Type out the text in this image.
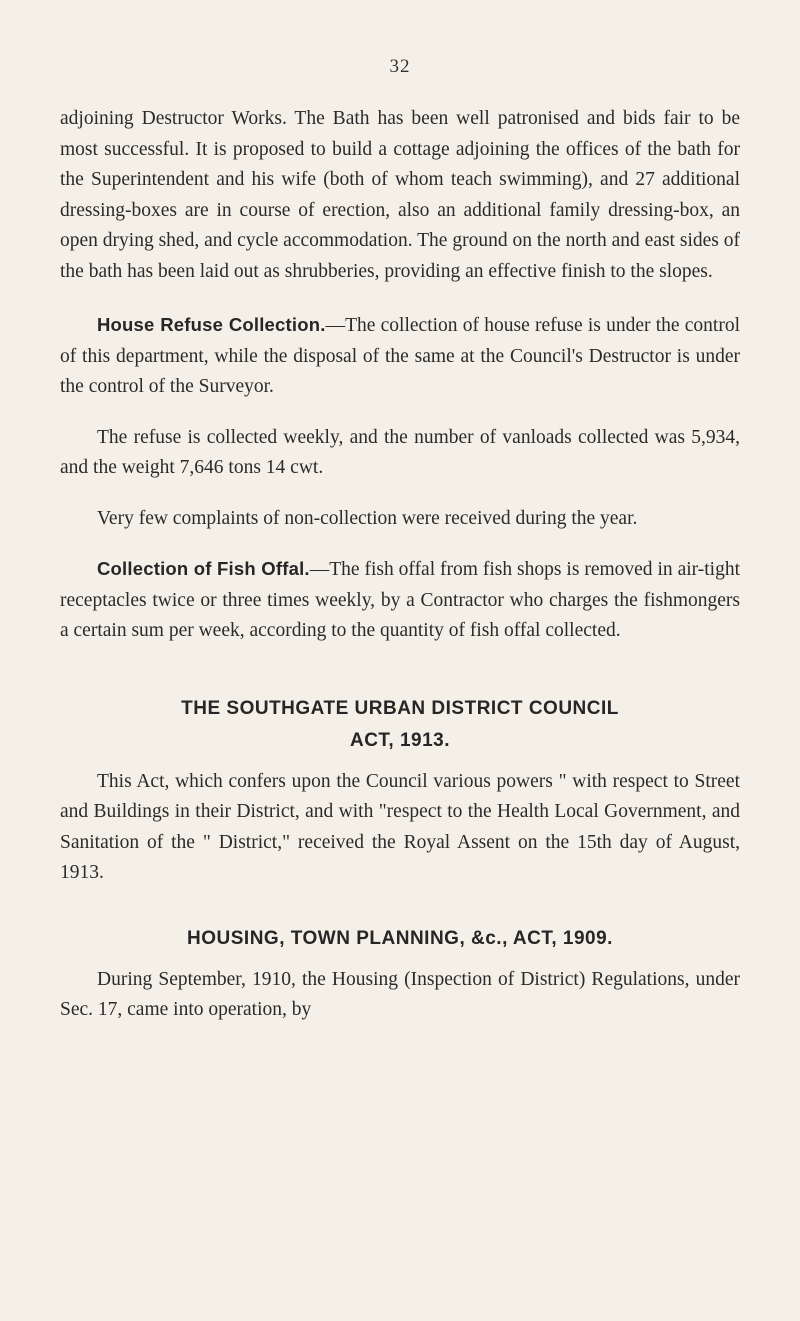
32

adjoining Destructor Works. The Bath has been well patronised and bids fair to be most successful. It is proposed to build a cottage adjoining the offices of the bath for the Superintendent and his wife (both of whom teach swimming), and 27 additional dressing-boxes are in course of erection, also an additional family dressing-box, an open drying shed, and cycle accommodation. The ground on the north and east sides of the bath has been laid out as shrubberies, providing an effective finish to the slopes.

House Refuse Collection.—The collection of house refuse is under the control of this department, while the disposal of the same at the Council's Destructor is under the control of the Surveyor.

The refuse is collected weekly, and the number of vanloads collected was 5,934, and the weight 7,646 tons 14 cwt.

Very few complaints of non-collection were received during the year.

Collection of Fish Offal.—The fish offal from fish shops is removed in air-tight receptacles twice or three times weekly, by a Contractor who charges the fishmongers a certain sum per week, according to the quantity of fish offal collected.

THE SOUTHGATE URBAN DISTRICT COUNCIL

ACT, 1913.

This Act, which confers upon the Council various powers " with respect to Street and Buildings in their District, and with "respect to the Health Local Government, and Sanitation of the " District," received the Royal Assent on the 15th day of August, 1913.

HOUSING, TOWN PLANNING, &c., ACT, 1909.

During September, 1910, the Housing (Inspection of District) Regulations, under Sec. 17, came into operation, by
